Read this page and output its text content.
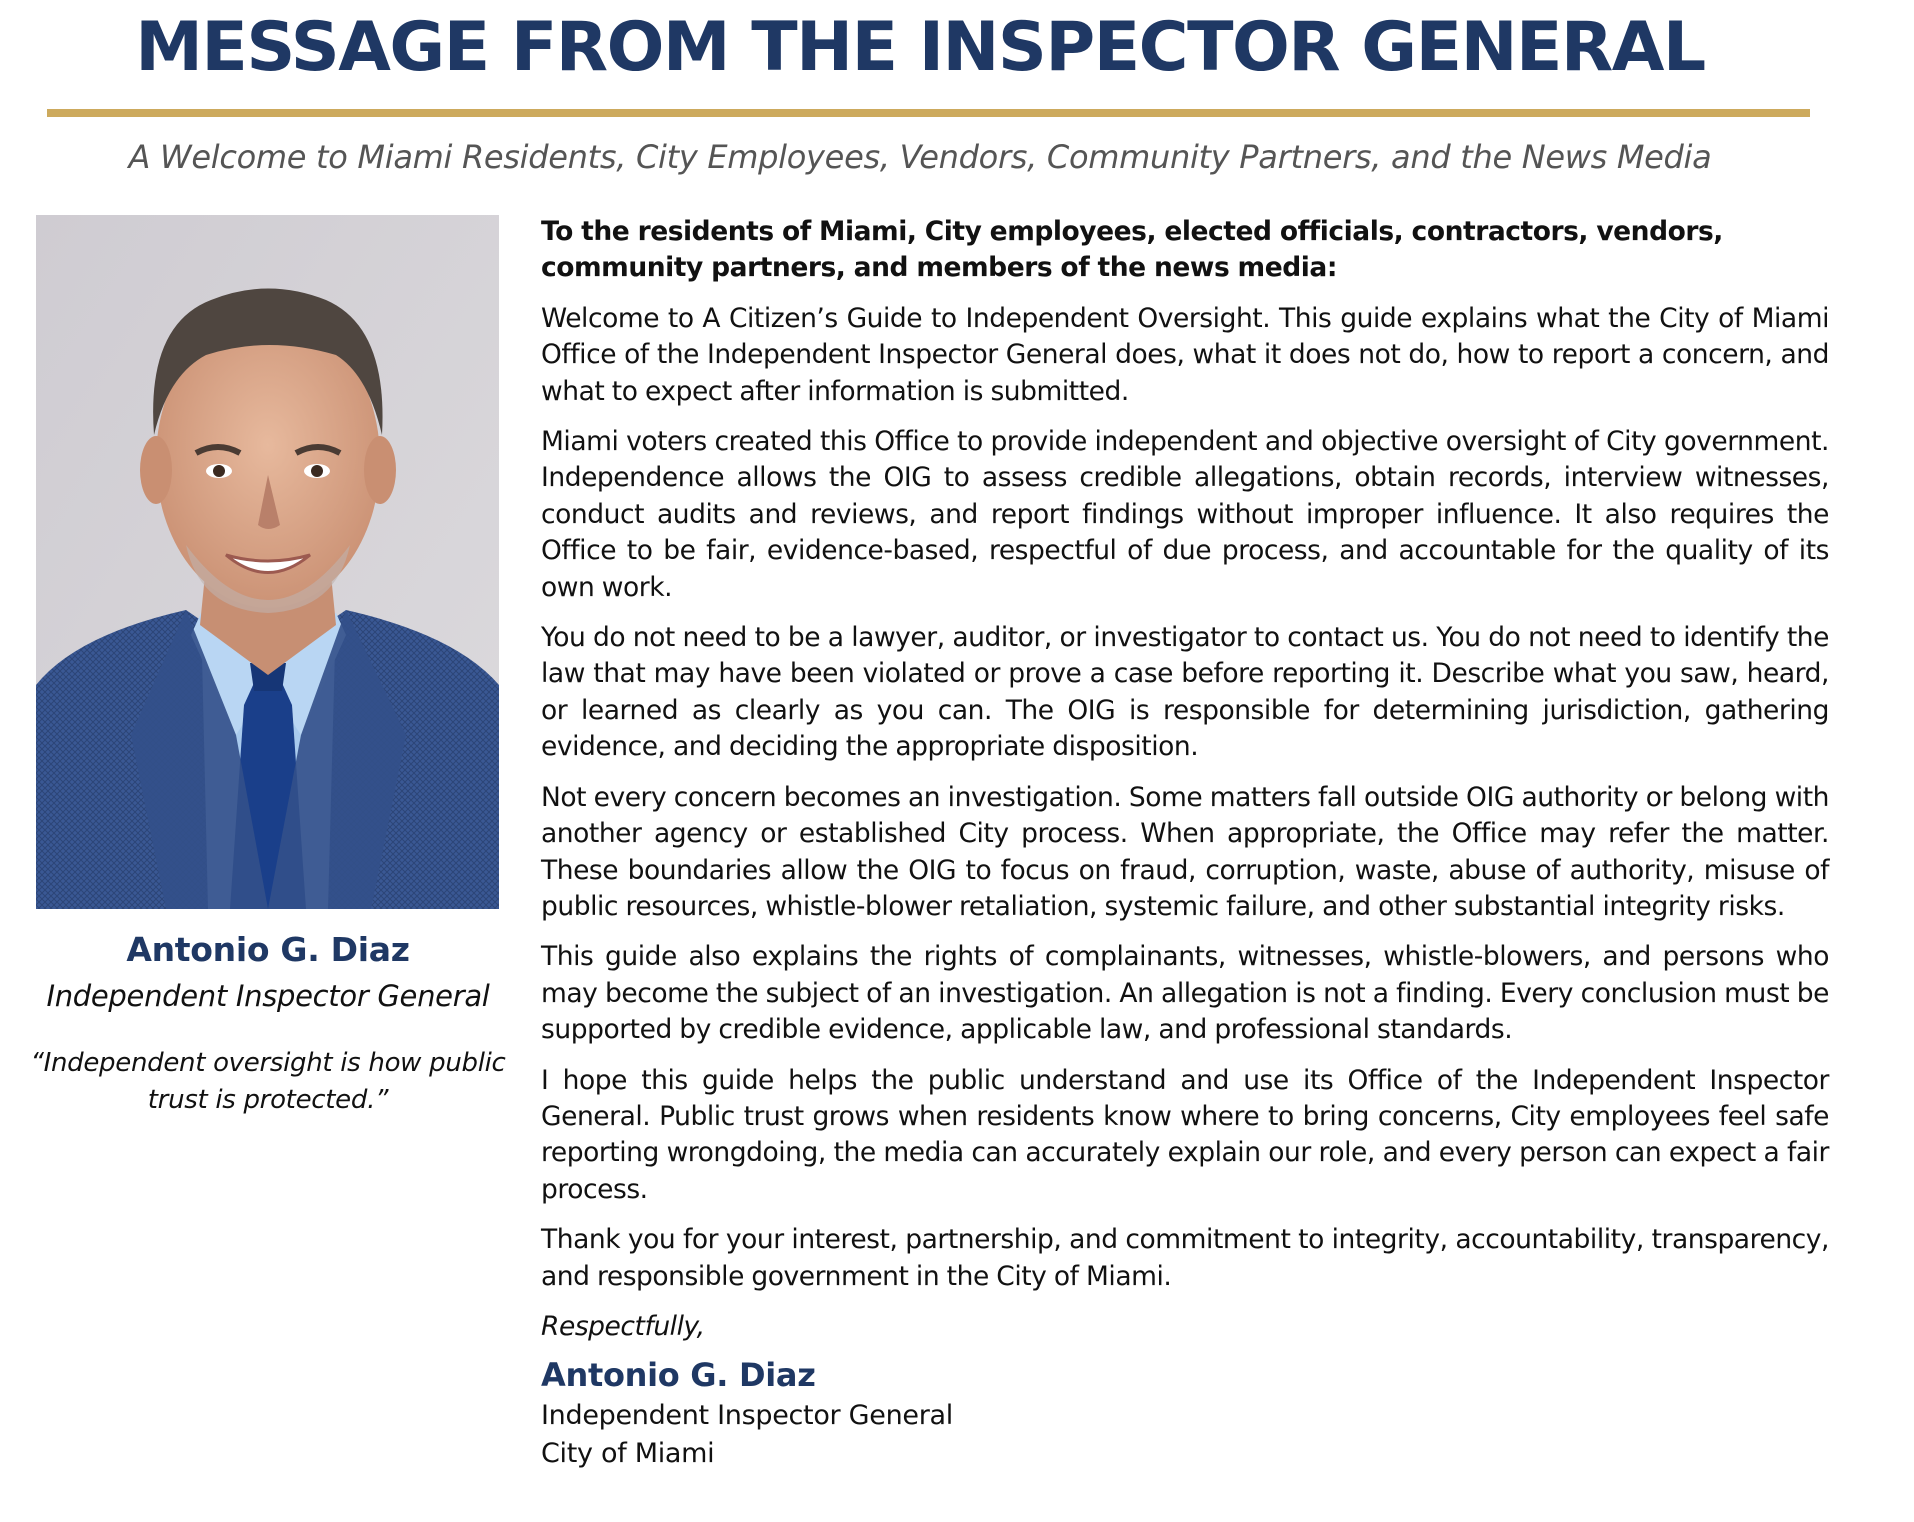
MESSAGE FROM THE INSPECTOR GENERAL
A Welcome to Miami Residents, City Employees, Vendors, Community Partners, and the News Media
Antonio G. Diaz
Independent Inspector General
“Independent oversight is how public trust is protected.”

To the residents of Miami, City employees, elected officials, contractors, vendors, community partners, and members of the news media:

Welcome to A Citizen’s Guide to Independent Oversight. This guide explains what the City of Miami Office of the Independent Inspector General does, what it does not do, how to report a concern, and what to expect after information is submitted.

Miami voters created this Office to provide independent and objective oversight of City government. Independence allows the OIG to assess credible allegations, obtain records, interview witnesses, conduct audits and reviews, and report findings without improper influence. It also requires the Office to be fair, evidence-based, respectful of due process, and accountable for the quality of its own work.

You do not need to be a lawyer, auditor, or investigator to contact us. You do not need to identify the law that may have been violated or prove a case before reporting it. Describe what you saw, heard, or learned as clearly as you can. The OIG is responsible for determining jurisdiction, gathering evidence, and deciding the appropriate disposition.

Not every concern becomes an investigation. Some matters fall outside OIG authority or belong with another agency or established City process. When appropriate, the Office may refer the matter. These boundaries allow the OIG to focus on fraud, corruption, waste, abuse of authority, misuse of public resources, whistle-blower retaliation, systemic failure, and other substantial integrity risks.

This guide also explains the rights of complainants, witnesses, whistle-blowers, and persons who may become the subject of an investigation. An allegation is not a finding. Every conclusion must be supported by credible evidence, applicable law, and professional standards.

I hope this guide helps the public understand and use its Office of the Independent Inspector General. Public trust grows when residents know where to bring concerns, City employees feel safe reporting wrongdoing, the media can accurately explain our role, and every person can expect a fair process.

Thank you for your interest, partnership, and commitment to integrity, accountability, transparency, and responsible government in the City of Miami.

Respectfully,

Antonio G. Diaz
Independent Inspector General
City of Miami
